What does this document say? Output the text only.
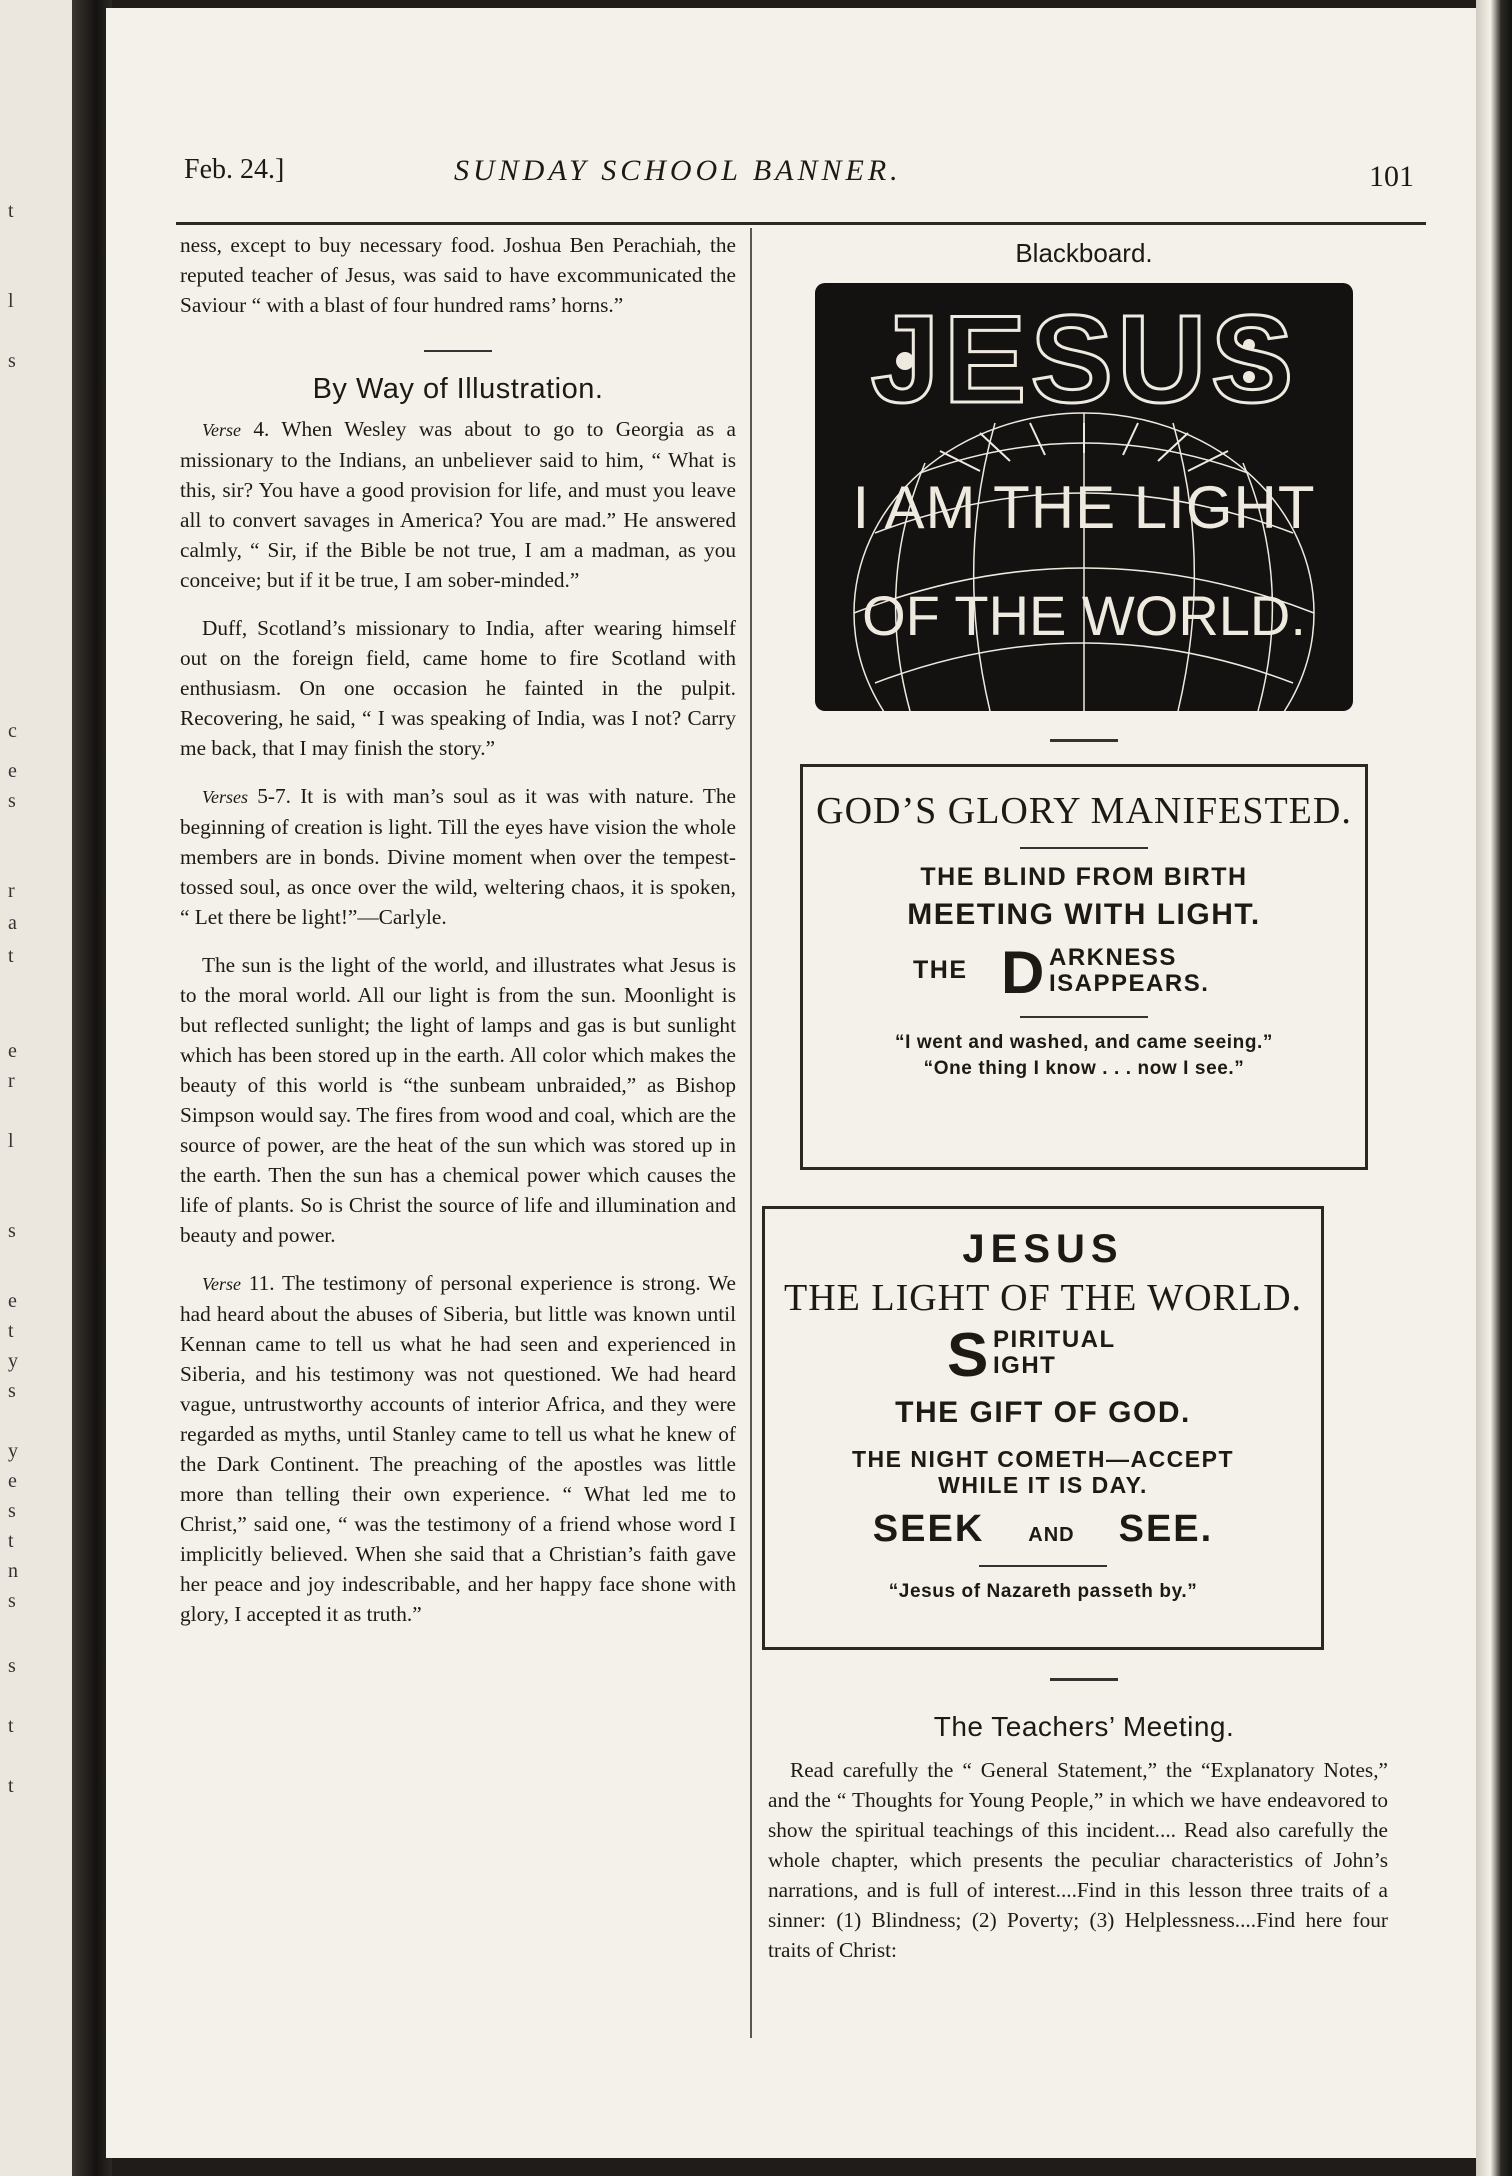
t
l
s
c
e
s
r
a
t
e
r
l
s
e
t
y
s
y
e
s
t
n
s
s
t
t
Feb. 24.]	SUNDAY SCHOOL BANNER.	101

ness, except to buy necessary food. Joshua Ben Perachiah, the reputed teacher of Jesus, was said to have excommunicated the Saviour “ with a blast of four hundred rams’ horns.”

By Way of Illustration.

Verse 4. When Wesley was about to go to Georgia as a missionary to the Indians, an unbeliever said to him, “ What is this, sir? You have a good provision for life, and must you leave all to convert savages in America? You are mad.” He answered calmly, “ Sir, if the Bible be not true, I am a madman, as you conceive; but if it be true, I am sober-minded.”

Duff, Scotland’s missionary to India, after wearing himself out on the foreign field, came home to fire Scotland with enthusiasm. On one occasion he fainted in the pulpit. Recovering, he said, “ I was speaking of India, was I not? Carry me back, that I may finish the story.”

Verses 5-7. It is with man’s soul as it was with nature. The beginning of creation is light. Till the eyes have vision the whole members are in bonds. Divine moment when over the tempest-tossed soul, as once over the wild, weltering chaos, it is spoken, “ Let there be light!”—Carlyle.

The sun is the light of the world, and illustrates what Jesus is to the moral world. All our light is from the sun. Moonlight is but reflected sunlight; the light of lamps and gas is but sunlight which has been stored up in the earth. All color which makes the beauty of this world is “the sunbeam unbraided,” as Bishop Simpson would say. The fires from wood and coal, which are the source of power, are the heat of the sun which was stored up in the earth. Then the sun has a chemical power which causes the life of plants. So is Christ the source of life and illumination and beauty and power.

Verse 11. The testimony of personal experience is strong. We had heard about the abuses of Siberia, but little was known until Kennan came to tell us what he had seen and experienced in Siberia, and his testimony was not questioned. We had heard vague, untrustworthy accounts of interior Africa, and they were regarded as myths, until Stanley came to tell us what he knew of the Dark Continent. The preaching of the apostles was little more than telling their own experience. “ What led me to Christ,” said one, “ was the testimony of a friend whose word I implicitly believed. When she said that a Christian’s faith gave her peace and joy indescribable, and her happy face shone with glory, I accepted it as truth.”

Blackboard.
JESUS
I AM THE LIGHT
OF THE WORLD.
GOD’S GLORY MANIFESTED.
THE BLIND FROM BIRTH
MEETING WITH LIGHT.
THE D ARKNESS
ISAPPEARS.
“I went and washed, and came seeing.”
“One thing I know . . . now I see.”
JESUS
THE LIGHT OF THE WORLD.
S PIRITUAL
IGHT
THE GIFT OF GOD.
THE NIGHT COMETH—ACCEPT
WHILE IT IS DAY.
SEEK AND SEE.
“Jesus of Nazareth passeth by.”
The Teachers’ Meeting.

Read carefully the “ General Statement,” the “Explanatory Notes,” and the “ Thoughts for Young People,” in which we have endeavored to show the spiritual teachings of this incident.... Read also carefully the whole chapter, which presents the peculiar characteristics of John’s narrations, and is full of interest....Find in this lesson three traits of a sinner: (1) Blindness; (2) Poverty; (3) Helplessness....Find here four traits of Christ:
